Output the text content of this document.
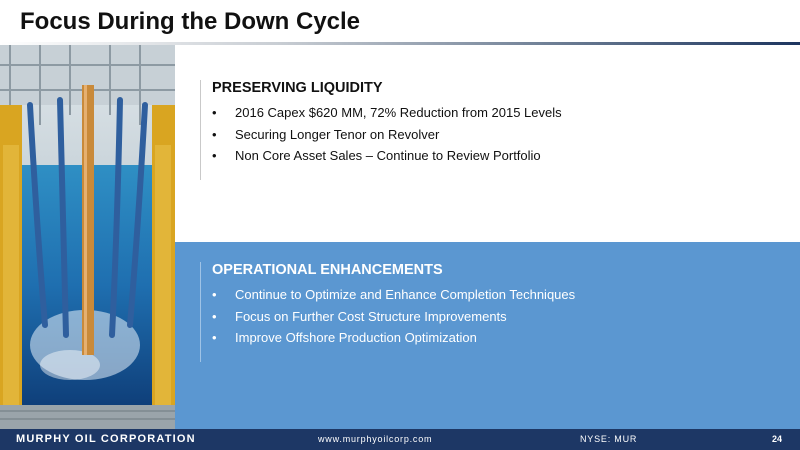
Focus During the Down Cycle
PRESERVING LIQUIDITY
• 2016 Capex $620 MM, 72% Reduction from 2015 Levels
• Securing Longer Tenor on Revolver
• Non Core Asset Sales – Continue to Review Portfolio
OPERATIONAL ENHANCEMENTS
• Continue to Optimize and Enhance Completion Techniques
• Focus on Further Cost Structure Improvements
• Improve Offshore Production Optimization
MURPHY OIL CORPORATION	www.murphyoilcorp.com	NYSE: MUR	24
